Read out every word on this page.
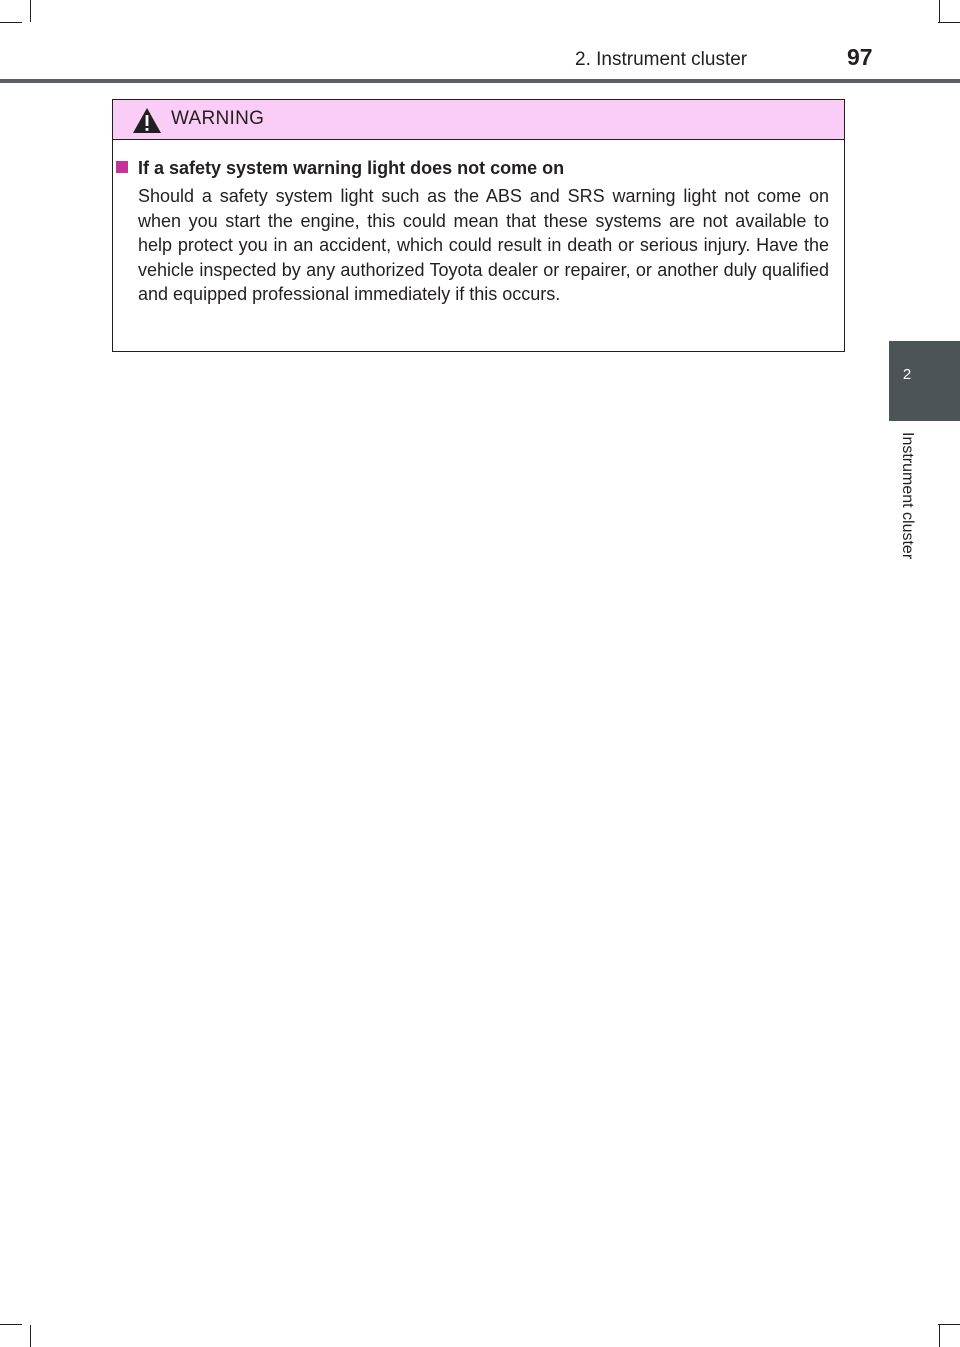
2. Instrument cluster	97
2
Instrument cluster
WARNING
If a safety system warning light does not come on

Should a safety system light such as the ABS and SRS warning light not come on when you start the engine, this could mean that these systems are not available to help protect you in an accident, which could result in death or serious injury. Have the vehicle inspected by any authorized Toyota dealer or repairer, or another duly qualified and equipped professional immediately if this occurs.
